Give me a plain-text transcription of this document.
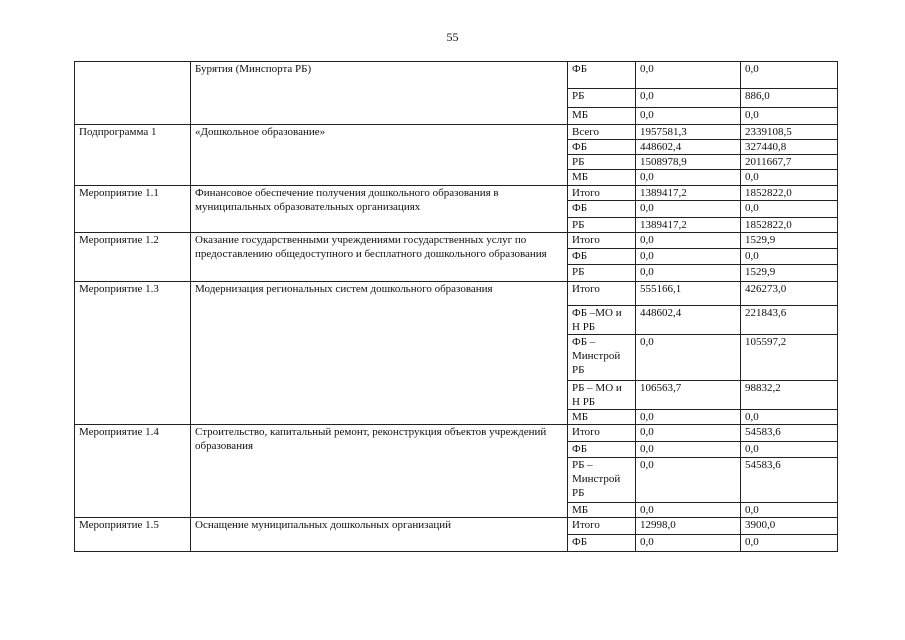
55
	Бурятия (Минспорта РБ)	ФБ	0,0	0,0
		РБ	0,0	886,0
		МБ	0,0	0,0
Подпрограмма 1	«Дошкольное образование»	Всего	1957581,3	2339108,5
		ФБ	448602,4	327440,8
		РБ	1508978,9	2011667,7
		МБ	0,0	0,0
Мероприятие 1.1	Финансовое обеспечение получения дошкольного образования в муниципальных образовательных организациях	Итого	1389417,2	1852822,0
		ФБ	0,0	0,0
		РБ	1389417,2	1852822,0
Мероприятие 1.2	Оказание государственными учреждениями государственных услуг по предоставлению общедоступного и бесплатного дошкольного образования	Итого	0,0	1529,9
		ФБ	0,0	0,0
		РБ	0,0	1529,9
Мероприятие 1.3	Модернизация региональных систем дошкольного образования	Итого	555166,1	426273,0
		ФБ –МО и Н РБ	448602,4	221843,6
		ФБ – Минстрой РБ	0,0	105597,2
		РБ – МО и Н РБ	106563,7	98832,2
		МБ	0,0	0,0
Мероприятие 1.4	Строительство, капитальный ремонт, реконструкция объектов учреждений образования	Итого	0,0	54583,6
		ФБ	0,0	0,0
		РБ – Минстрой РБ	0,0	54583,6
		МБ	0,0	0,0
Мероприятие 1.5	Оснащение муниципальных дошкольных организаций	Итого	12998,0	3900,0
		ФБ	0,0	0,0
